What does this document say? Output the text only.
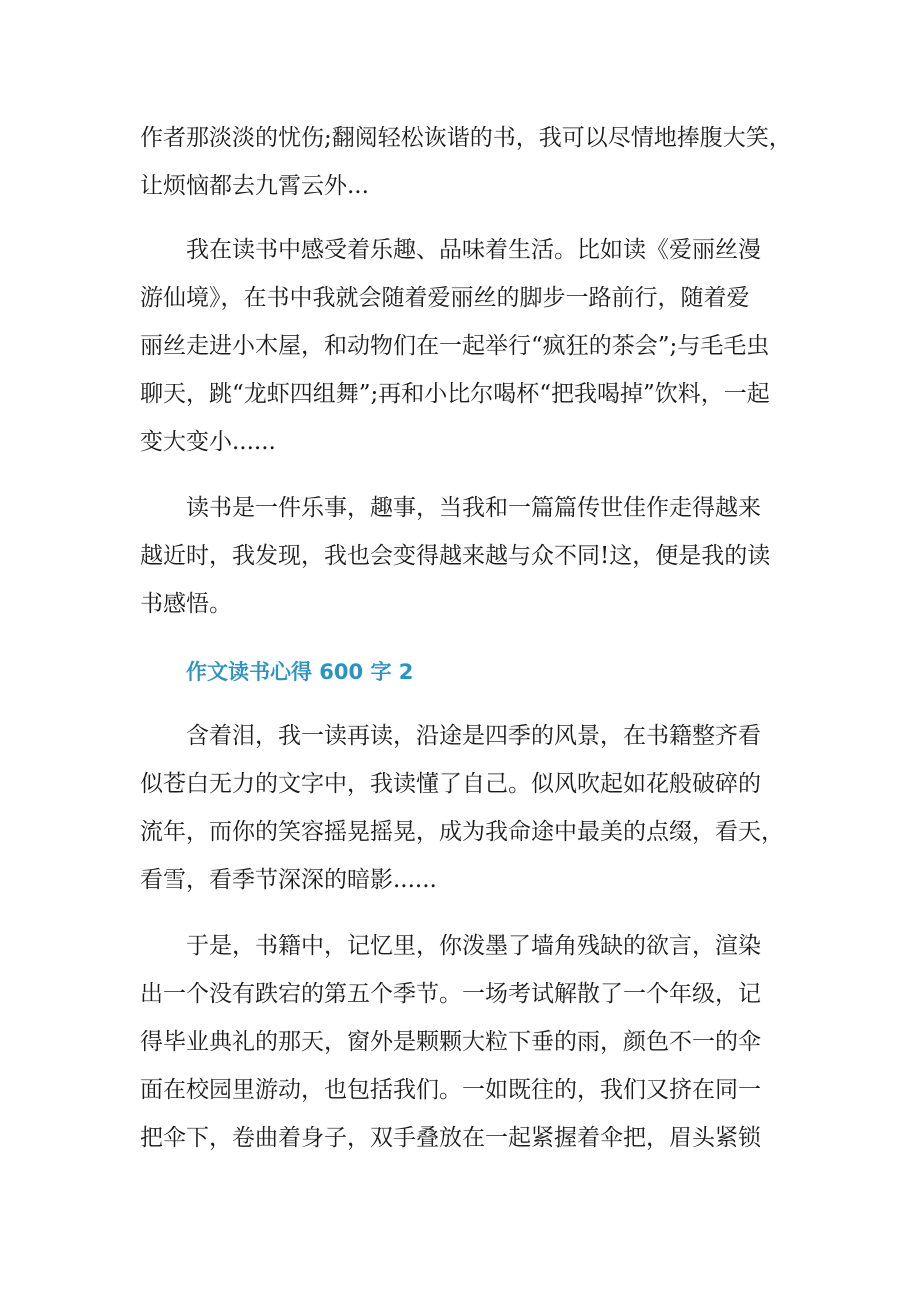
作者那淡淡的忧伤;翻阅轻松诙谐的书，我可以尽情地捧腹大笑，

让烦恼都去九霄云外...

我在读书中感受着乐趣、品味着生活。比如读《爱丽丝漫

游仙境》，在书中我就会随着爱丽丝的脚步一路前行，随着爱

丽丝走进小木屋，和动物们在一起举行“疯狂的茶会”;与毛毛虫

聊天，跳“龙虾四组舞”;再和小比尔喝杯“把我喝掉”饮料，一起

变大变小......

读书是一件乐事，趣事，当我和一篇篇传世佳作走得越来

越近时，我发现，我也会变得越来越与众不同!这，便是我的读

书感悟。

作文读书心得 600 字 2

含着泪，我一读再读，沿途是四季的风景，在书籍整齐看

似苍白无力的文字中，我读懂了自己。似风吹起如花般破碎的

流年，而你的笑容摇晃摇晃，成为我命途中最美的点缀，看天，

看雪，看季节深深的暗影......

于是，书籍中，记忆里，你泼墨了墙角残缺的欲言，渲染

出一个没有跌宕的第五个季节。一场考试解散了一个年级，记

得毕业典礼的那天，窗外是颗颗大粒下垂的雨，颜色不一的伞

面在校园里游动，也包括我们。一如既往的，我们又挤在同一

把伞下，卷曲着身子，双手叠放在一起紧握着伞把，眉头紧锁
